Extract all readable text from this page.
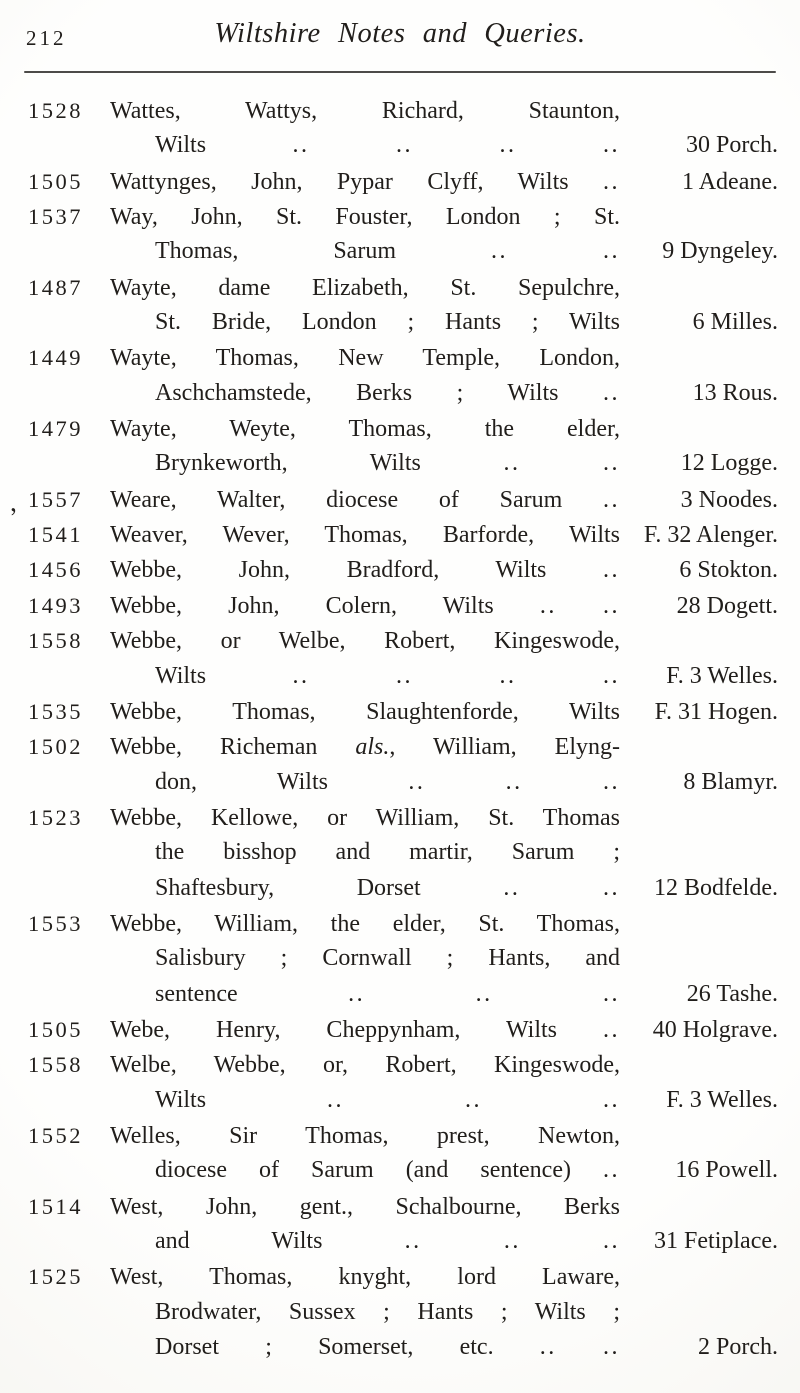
212	Wiltshire Notes and Queries.
1528	Wattes, Wattys, Richard, Staunton,
Wilts	..	..	..	..	30 Porch.
1505	Wattynges, John, Pypar Clyff, Wilts ..	1 Adeane.
1537	Way, John, St. Fouster, London ; St.
Thomas, Sarum	..	..	9 Dyngeley.
1487	Wayte, dame Elizabeth, St. Sepulchre,
St. Bride, London ; Hants ; Wilts	6 Milles.
1449	Wayte, Thomas, New Temple, London,
Aschchamstede, Berks ; Wilts ..	13 Rous.
1479	Wayte, Weyte, Thomas, the elder,
Brynkeworth, Wilts	..	..	12 Logge.
, 1557	Weare, Walter, diocese of Sarum ..	3 Noodes.
1541	Weaver, Wever, Thomas, Barforde, Wilts F. 32 Alenger.
1456	Webbe, John, Bradford, Wilts ..	6 Stokton.
1493	Webbe, John, Colern, Wilts .. ..	28 Dogett.
1558	Webbe, or Welbe, Robert, Kingeswode,
Wilts	..	..	..	..	F. 3 Welles.
1535	Webbe, Thomas, Slaughtenforde, Wilts	F. 31 Hogen.
1502	Webbe, Richeman als., William, Elyng-
don, Wilts	..	..	..	8 Blamyr.
1523	Webbe, Kellowe, or William, St. Thomas
the bisshop and martir, Sarum ;
Shaftesbury, Dorset	..	..	12 Bodfelde.
1553	Webbe, William, the elder, St. Thomas,
Salisbury ; Cornwall ; Hants, and
sentence	..	..	..	26 Tashe.
1505	Webe, Henry, Cheppynham, Wilts ..	40 Holgrave.
1558	Welbe, Webbe, or, Robert, Kingeswode,
Wilts	..	..	..	F. 3 Welles.
1552	Welles, Sir Thomas, prest, Newton,
diocese of Sarum (and sentence) ..	16 Powell.
1514	West, John, gent., Schalbourne, Berks
and Wilts	..	..	..	31 Fetiplace.
1525	West, Thomas, knyght, lord Laware,
Brodwater, Sussex ; Hants ; Wilts ;
Dorset ; Somerset, etc. .. ..	2 Porch.
